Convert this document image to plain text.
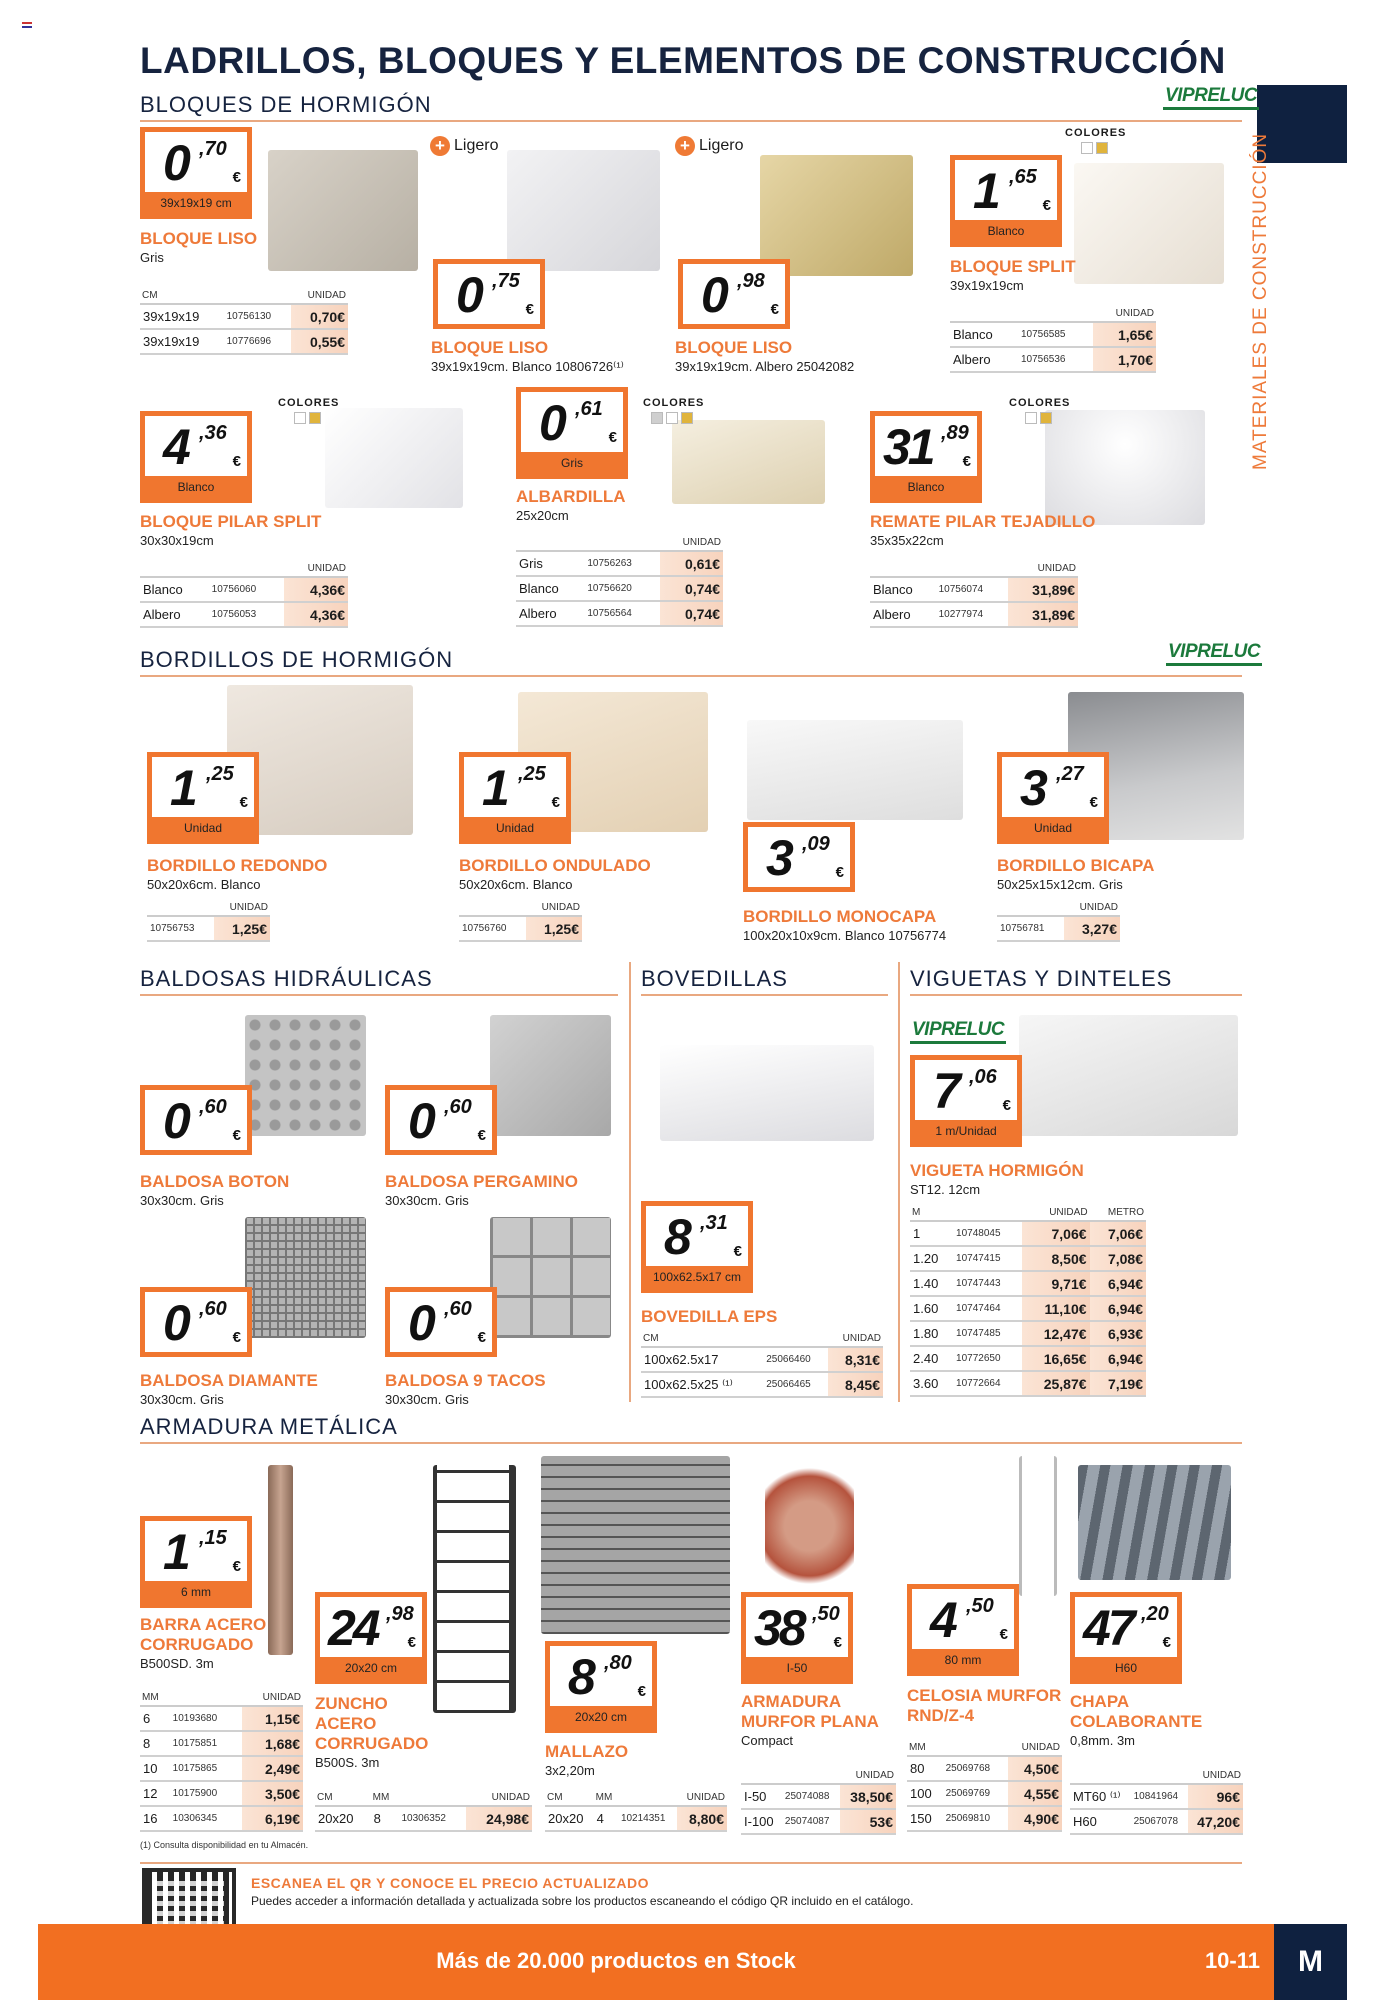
LADRILLOS, BLOQUES Y ELEMENTOS DE CONSTRUCCIÓN
MATERIALES DE CONSTRUCCIÓN
BLOQUES DE HORMIGÓN
BORDILLOS DE HORMIGÓN
BALDOSAS HIDRÁULICAS	BOVEDILLAS	VIGUETAS Y DINTELES
ARMADURA METÁLICA
VIPRELUC
VIPRELUC
VIPRELUC
0 ,70
€
39x19x19 cm
BLOQUE LISO
Gris
CM		UNIDAD
39x19x19	10756130	0,70€
39x19x19	10776696	0,55€
+ Ligero
0 ,75
€
BLOQUE LISO
39x19x19cm. Blanco 10806726⁽¹⁾
+ Ligero
0 ,98
€
BLOQUE LISO
39x19x19cm. Albero 25042082
COLORES
1 ,65
€
Blanco
BLOQUE SPLIT
39x19x19cm
		UNIDAD
Blanco	10756585	1,65€
Albero	10756536	1,70€
COLORES
4 ,36
€
Blanco
BLOQUE PILAR SPLIT
30x30x19cm
		UNIDAD
Blanco	10756060	4,36€
Albero	10756053	4,36€
COLORES
0 ,61
€
Gris
ALBARDILLA
25x20cm
		UNIDAD
Gris	10756263	0,61€
Blanco	10756620	0,74€
Albero	10756564	0,74€
COLORES
31 ,89
€
Blanco
REMATE PILAR TEJADILLO
35x35x22cm
		UNIDAD
Blanco	10756074	31,89€
Albero	10277974	31,89€
1 ,25
€
Unidad
BORDILLO REDONDO
50x20x6cm. Blanco
	UNIDAD
10756753	1,25€
1 ,25
€
Unidad
BORDILLO ONDULADO
50x20x6cm. Blanco
	UNIDAD
10756760	1,25€
3 ,09
€
BORDILLO MONOCAPA
100x20x10x9cm. Blanco 10756774
3 ,27
€
Unidad
BORDILLO BICAPA
50x25x15x12cm. Gris
	UNIDAD
10756781	3,27€
0 ,60
€
BALDOSA BOTON
30x30cm. Gris
0 ,60
€
BALDOSA PERGAMINO
30x30cm. Gris
0 ,60
€
BALDOSA DIAMANTE
30x30cm. Gris
0 ,60
€
BALDOSA 9 TACOS
30x30cm. Gris
8 ,31
€
100x62.5x17 cm
BOVEDILLA EPS
CM		UNIDAD
100x62.5x17	25066460	8,31€
100x62.5x25 ⁽¹⁾	25066465	8,45€
7 ,06
€
1 m/Unidad
VIGUETA HORMIGÓN
ST12. 12cm
M		UNIDAD	METRO
1	10748045	7,06€	7,06€
1.20	10747415	8,50€	7,08€
1.40	10747443	9,71€	6,94€
1.60	10747464	11,10€	6,94€
1.80	10747485	12,47€	6,93€
2.40	10772650	16,65€	6,94€
3.60	10772664	25,87€	7,19€
1 ,15
€
6 mm
BARRA ACERO
CORRUGADO
B500SD. 3m
MM		UNIDAD
6	10193680	1,15€
8	10175851	1,68€
10	10175865	2,49€
12	10175900	3,50€
16	10306345	6,19€
24 ,98
€
20x20 cm
ZUNCHO
ACERO
CORRUGADO
B500S. 3m
CM	MM		UNIDAD
20x20	8	10306352	24,98€
8 ,80
€
20x20 cm
MALLAZO
3x2,20m
CM	MM		UNIDAD
20x20	4	10214351	8,80€
38 ,50
€
I-50
ARMADURA
MURFOR PLANA
Compact
		UNIDAD
I-50	25074088	38,50€
I-100	25074087	53€
4 ,50
€
80 mm
CELOSIA MURFOR
RND/Z-4
MM		UNIDAD
80	25069768	4,50€
100	25069769	4,55€
150	25069810	4,90€
47 ,20
€
H60
CHAPA
COLABORANTE
0,8mm. 3m
		UNIDAD
MT60 ⁽¹⁾	10841964	96€
H60	25067078	47,20€
(1) Consulta disponibilidad en tu Almacén.
ESCANEA EL QR Y CONOCE EL PRECIO ACTUALIZADO
Puedes acceder a información detallada y actualizada sobre los productos escaneando el código QR incluido en el catálogo.
Más de 20.000 productos en Stock	10-11	M
